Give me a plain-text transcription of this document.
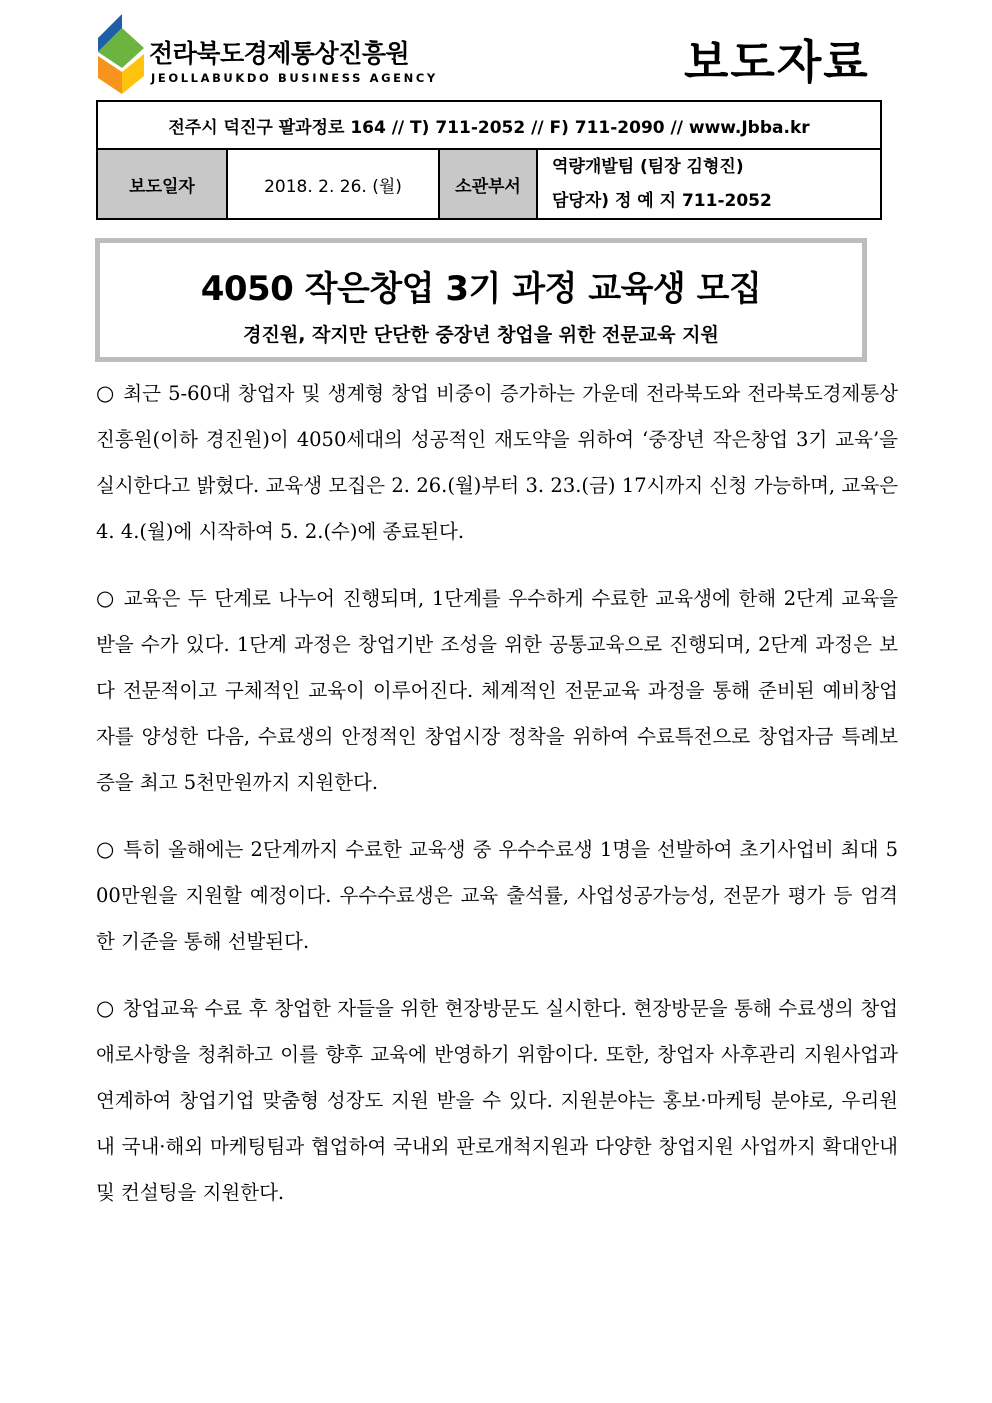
전라북도경제통상진흥원
JEOLLABUKDO BUSINESS AGENCY	보도자료
전주시 덕진구 팔과정로 164 // T) 711-2052 // F) 711-2090 // www.Jbba.kr
보도일자	2018. 2. 26. (월)	소관부서	
역량개발팀 (팀장 김형진)
담당자) 정 예 지 711-2052
4050 작은창업 3기 과정 교육생 모집
경진원, 작지만 단단한 중장년 창업을 위한 전문교육 지원

○ 최근 5-60대 창업자 및 생계형 창업 비중이 증가하는 가운데 전라북도와 전라북도경제통상진흥원(이하 경진원)이 4050세대의 성공적인 재도약을 위하여 ‘중장년 작은창업 3기 교육’을 실시한다고 밝혔다. 교육생 모집은 2. 26.(월)부터 3. 23.(금) 17시까지 신청 가능하며, 교육은 4. 4.(월)에 시작하여 5. 2.(수)에 종료된다.

○ 교육은 두 단계로 나누어 진행되며, 1단계를 우수하게 수료한 교육생에 한해 2단계 교육을 받을 수가 있다. 1단계 과정은 창업기반 조성을 위한 공통교육으로 진행되며, 2단계 과정은 보다 전문적이고 구체적인 교육이 이루어진다. 체계적인 전문교육 과정을 통해 준비된 예비창업자를 양성한 다음, 수료생의 안정적인 창업시장 정착을 위하여 수료특전으로 창업자금 특례보증을 최고 5천만원까지 지원한다.

○ 특히 올해에는 2단계까지 수료한 교육생 중 우수수료생 1명을 선발하여 초기사업비 최대 500만원을 지원할 예정이다. 우수수료생은 교육 출석률, 사업성공가능성, 전문가 평가 등 엄격한 기준을 통해 선발된다.

○ 창업교육 수료 후 창업한 자들을 위한 현장방문도 실시한다. 현장방문을 통해 수료생의 창업 애로사항을 청취하고 이를 향후 교육에 반영하기 위함이다. 또한, 창업자 사후관리 지원사업과 연계하여 창업기업 맞춤형 성장도 지원 받을 수 있다. 지원분야는 홍보·마케팅 분야로, 우리원 내 국내·해외 마케팅팀과 협업하여 국내외 판로개척지원과 다양한 창업지원 사업까지 확대안내 및 컨설팅을 지원한다.
